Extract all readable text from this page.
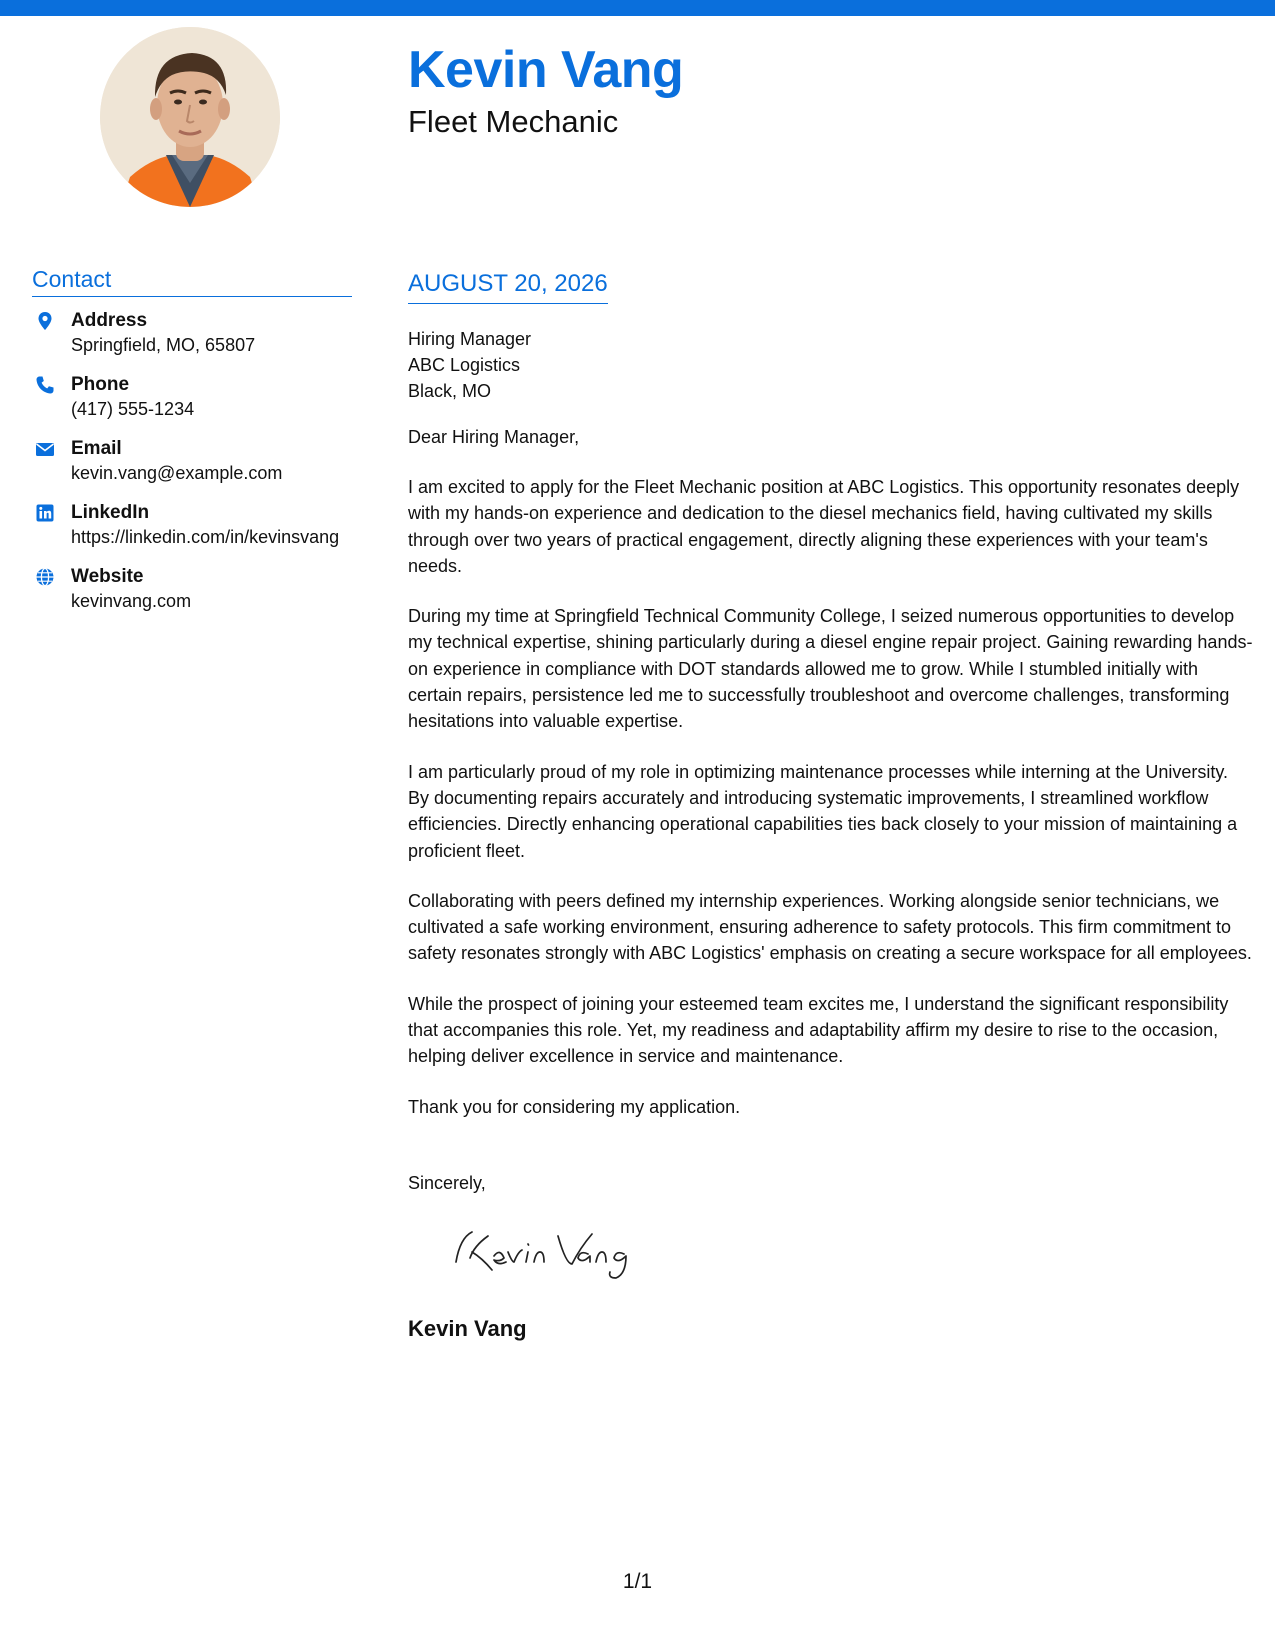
Kevin Vang
Fleet Mechanic
Contact
Address
Springfield, MO, 65807
Phone
(417) 555-1234
Email
kevin.vang@example.com
LinkedIn
https://linkedin.com/in/kevinsvang
Website
kevinvang.com
AUGUST 20, 2026
Hiring Manager
ABC Logistics
Black, MO
Dear Hiring Manager,
I am excited to apply for the Fleet Mechanic position at ABC Logistics. This opportunity resonates deeply with my hands-on experience and dedication to the diesel mechanics field, having cultivated my skills through over two years of practical engagement, directly aligning these experiences with your team's needs.
During my time at Springfield Technical Community College, I seized numerous opportunities to develop my technical expertise, shining particularly during a diesel engine repair project. Gaining rewarding hands-on experience in compliance with DOT standards allowed me to grow. While I stumbled initially with certain repairs, persistence led me to successfully troubleshoot and overcome challenges, transforming hesitations into valuable expertise.
I am particularly proud of my role in optimizing maintenance processes while interning at the University. By documenting repairs accurately and introducing systematic improvements, I streamlined workflow efficiencies. Directly enhancing operational capabilities ties back closely to your mission of maintaining a proficient fleet.
Collaborating with peers defined my internship experiences. Working alongside senior technicians, we cultivated a safe working environment, ensuring adherence to safety protocols. This firm commitment to safety resonates strongly with ABC Logistics' emphasis on creating a secure workspace for all employees.
While the prospect of joining your esteemed team excites me, I understand the significant responsibility that accompanies this role. Yet, my readiness and adaptability affirm my desire to rise to the occasion, helping deliver excellence in service and maintenance.
Thank you for considering my application.
Sincerely,
Kevin Vang
1/1
